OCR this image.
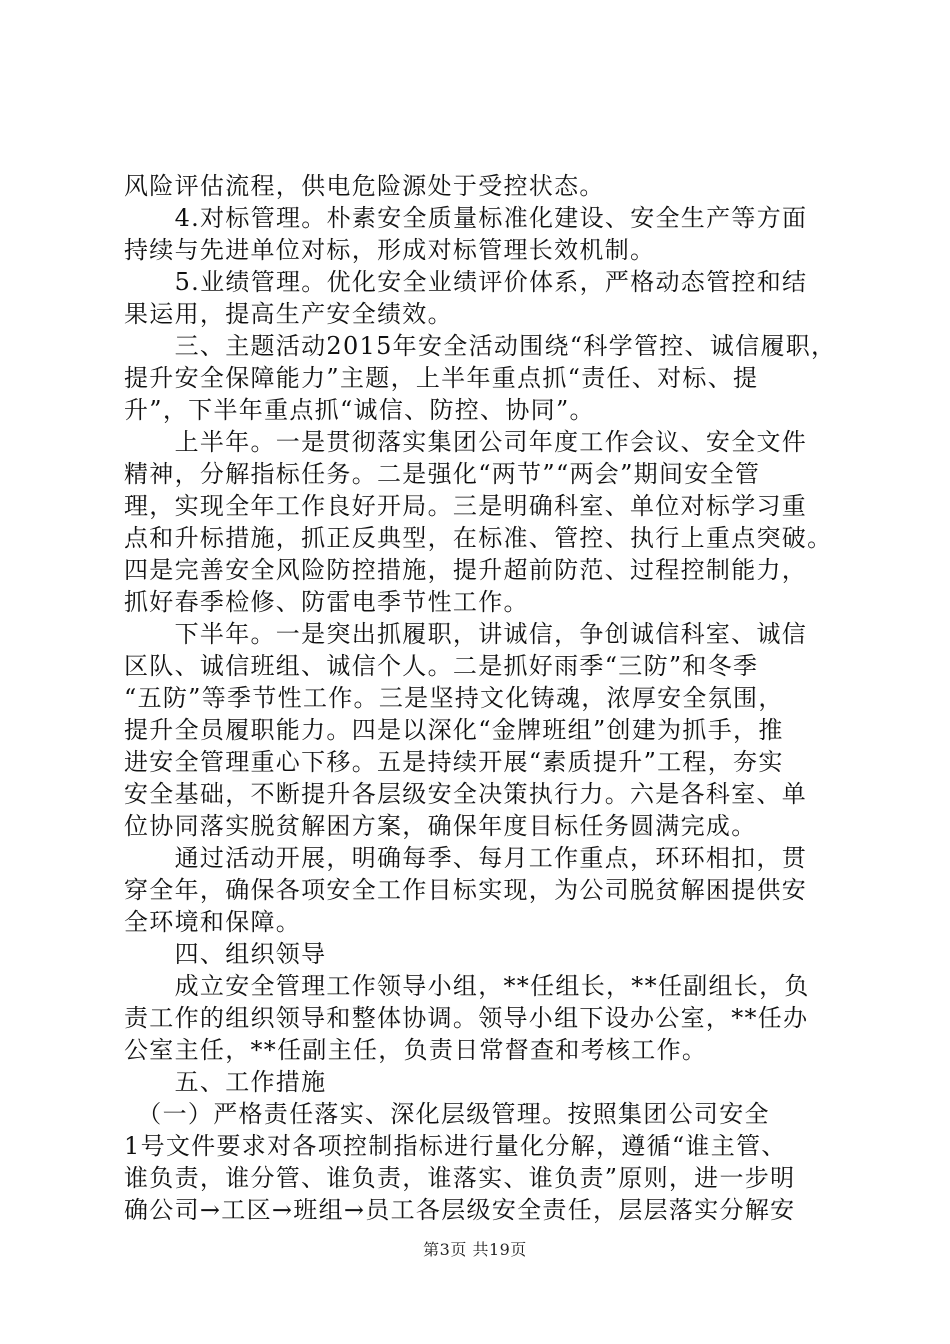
风险评估流程，供电危险源处于受控状态。
　　4.对标管理。朴素安全质量标准化建设、安全生产等方面
持续与先进单位对标，形成对标管理长效机制。
　　5.业绩管理。优化安全业绩评价体系，严格动态管控和结
果运用，提高生产安全绩效。
　　三、主题活动2015年安全活动围绕“科学管控、诚信履职，
提升安全保障能力”主题，上半年重点抓“责任、对标、提
升”，下半年重点抓“诚信、防控、协同”。
　　上半年。一是贯彻落实集团公司年度工作会议、安全文件
精神，分解指标任务。二是强化“两节”“两会”期间安全管
理，实现全年工作良好开局。三是明确科室、单位对标学习重
点和升标措施，抓正反典型，在标准、管控、执行上重点突破。
四是完善安全风险防控措施，提升超前防范、过程控制能力，
抓好春季检修、防雷电季节性工作。
　　下半年。一是突出抓履职，讲诚信，争创诚信科室、诚信
区队、诚信班组、诚信个人。二是抓好雨季“三防”和冬季
“五防”等季节性工作。三是坚持文化铸魂，浓厚安全氛围，
提升全员履职能力。四是以深化“金牌班组”创建为抓手，推
进安全管理重心下移。五是持续开展“素质提升”工程，夯实
安全基础，不断提升各层级安全决策执行力。六是各科室、单
位协同落实脱贫解困方案，确保年度目标任务圆满完成。
　　通过活动开展，明确每季、每月工作重点，环环相扣，贯
穿全年，确保各项安全工作目标实现，为公司脱贫解困提供安
全环境和保障。
　　四、组织领导
　　成立安全管理工作领导小组，**任组长，**任副组长，负
责工作的组织领导和整体协调。领导小组下设办公室，**任办
公室主任，**任副主任，负责日常督查和考核工作。
　　五、工作措施
　（一）严格责任落实、深化层级管理。按照集团公司安全
1号文件要求对各项控制指标进行量化分解，遵循“谁主管、
谁负责，谁分管、谁负责，谁落实、谁负责”原则，进一步明
确公司→工区→班组→员工各层级安全责任，层层落实分解安
第3页 共19页
